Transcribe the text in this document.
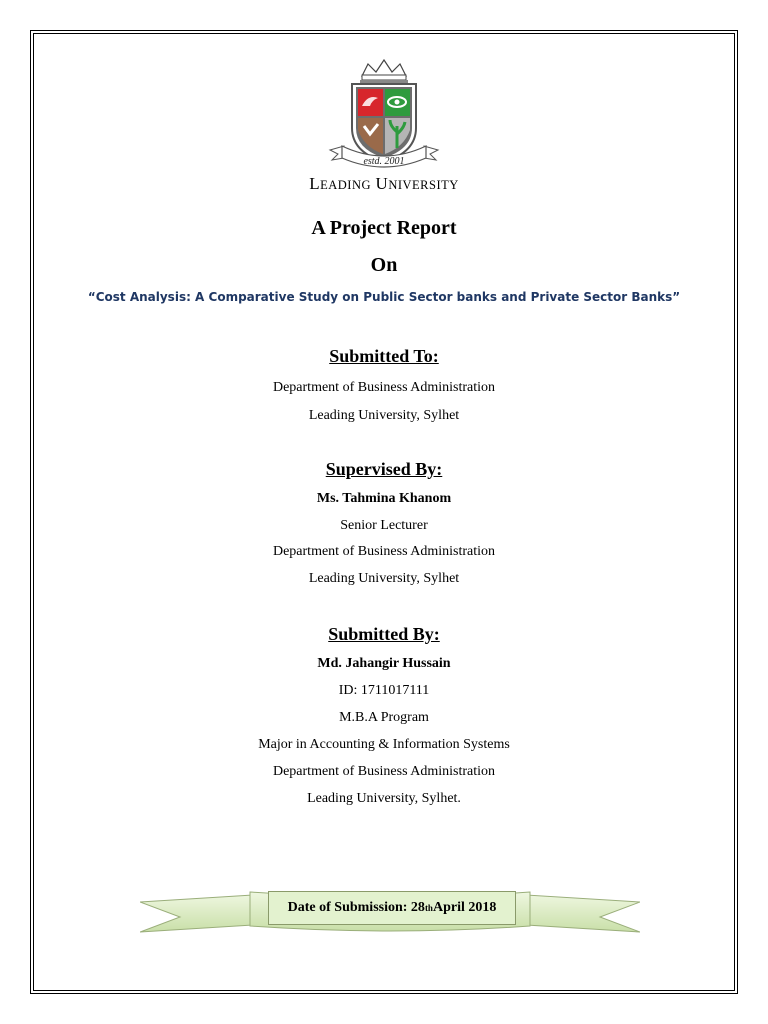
estd. 2001
LEADING UNIVERSITY
A Project Report
On
“Cost Analysis: A Comparative Study on Public Sector banks and Private Sector Banks”
Submitted To:
Department of Business Administration
Leading University, Sylhet
Supervised By:
Ms. Tahmina Khanom
Senior Lecturer
Department of Business Administration
Leading University, Sylhet
Submitted By:
Md. Jahangir Hussain
ID: 1711017111
M.B.A Program
Major in Accounting & Information Systems
Department of Business Administration
Leading University, Sylhet.
Date of Submission: 28 th April 2018
